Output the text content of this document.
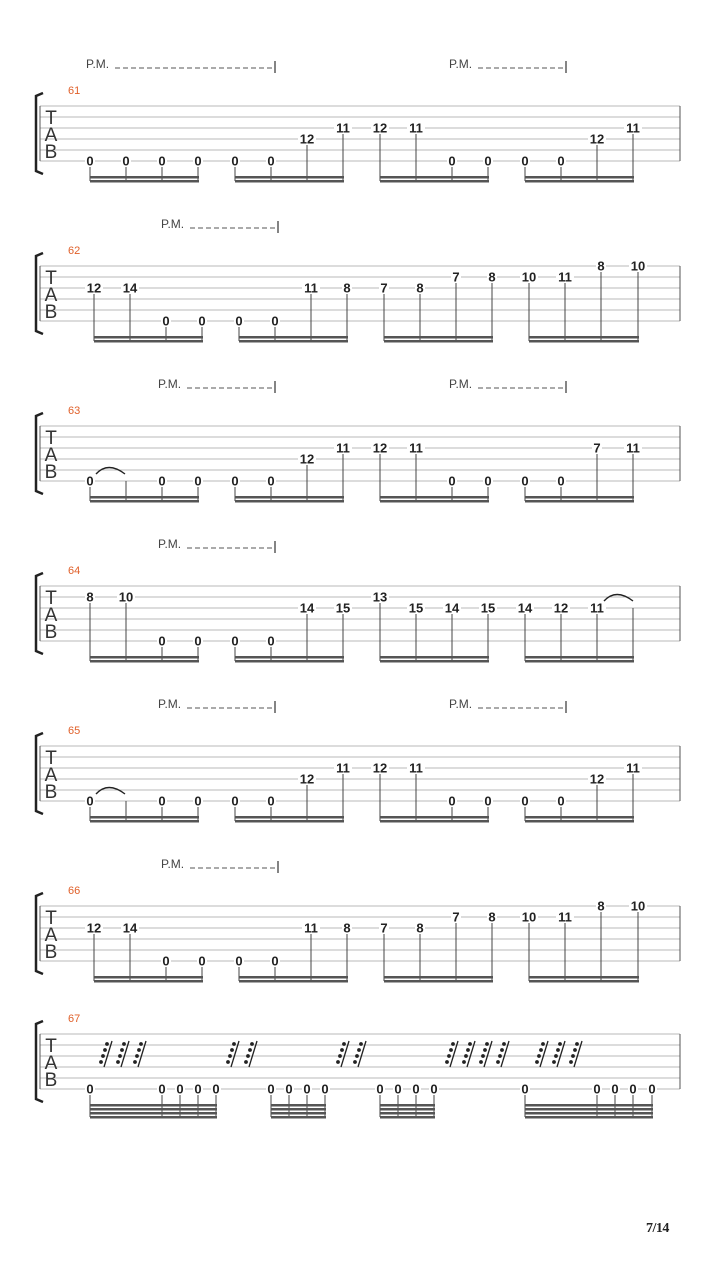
T
A
B
61
P.M.	P.M.
0 0 0 0 0 0
12
11 12 11
0 0 0 0
12
11
T
A
B
62
P.M.
12 14
0 0 0 0
11 8 7 8
7 8 10 11
8 10
T
A
B
63
P.M.	P.M.
0	0 0 0 0
12
11 12 11
0 0 0 0
7 11
T
A
B
64
P.M.
8 10
0 0 0 0
14 15
13
15 14 15 14 12 11
T
A
B
65
P.M.	P.M.
0	0 0 0 0
12
11 12 11
0 0 0 0
12
11
T
A
B
66
P.M.
12 14
0 0 0 0
11 8 7 8
7 8 10 11
8 10
T
A
B
67
0	0 0 0 0	0 0 0 0	0 0 0 0	0	0 0 0 0
7/14
